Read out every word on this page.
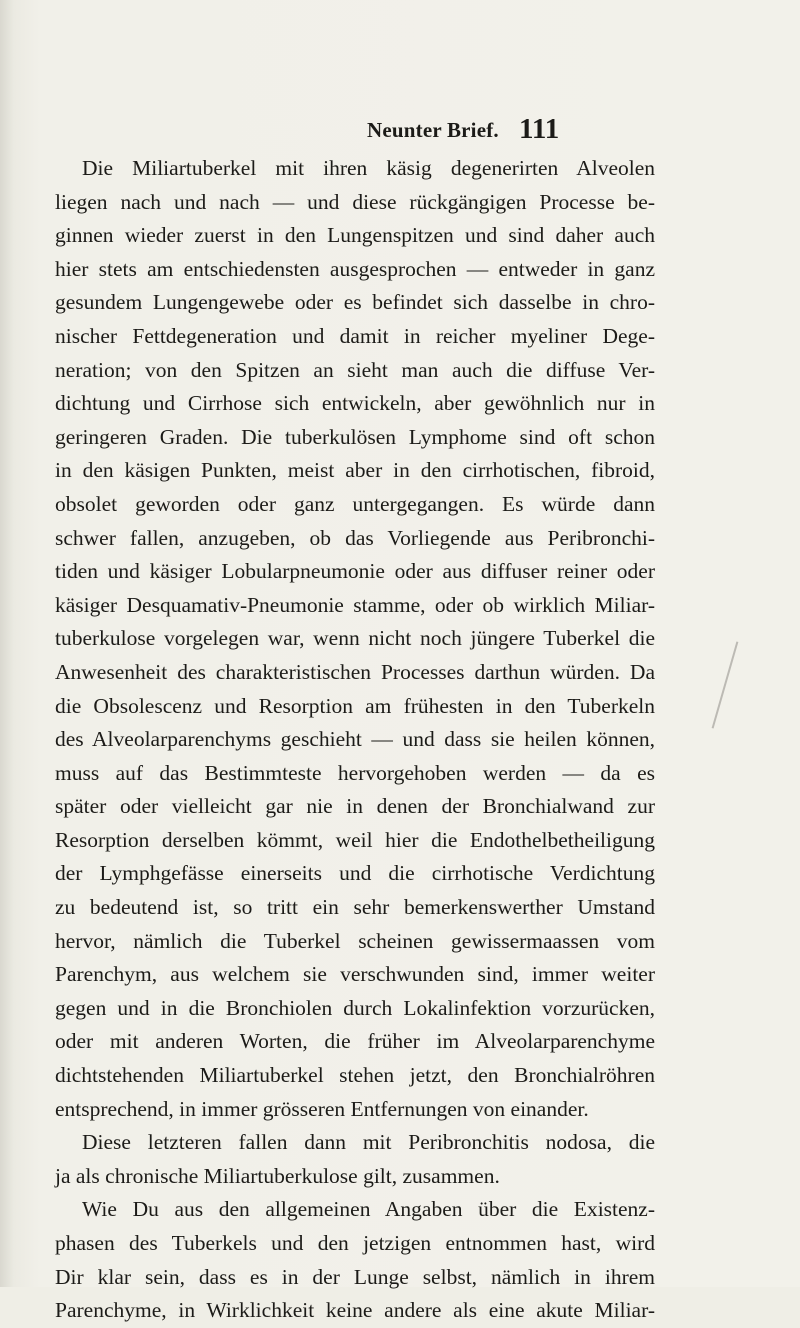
Neunter Brief. 111
Die Miliartuberkel mit ihren käsig degenerirten Alveolen
liegen nach und nach — und diese rückgängigen Processe be-
ginnen wieder zuerst in den Lungenspitzen und sind daher auch
hier stets am entschiedensten ausgesprochen — entweder in ganz
gesundem Lungengewebe oder es befindet sich dasselbe in chro-
nischer Fettdegeneration und damit in reicher myeliner Dege-
neration; von den Spitzen an sieht man auch die diffuse Ver-
dichtung und Cirrhose sich entwickeln, aber gewöhnlich nur in
geringeren Graden. Die tuberkulösen Lymphome sind oft schon
in den käsigen Punkten, meist aber in den cirrhotischen, fibroid,
obsolet geworden oder ganz untergegangen. Es würde dann
schwer fallen, anzugeben, ob das Vorliegende aus Peribronchi-
tiden und käsiger Lobularpneumonie oder aus diffuser reiner oder
käsiger Desquamativ-Pneumonie stamme, oder ob wirklich Miliar-
tuberkulose vorgelegen war, wenn nicht noch jüngere Tuberkel die
Anwesenheit des charakteristischen Processes darthun würden. Da
die Obsolescenz und Resorption am frühesten in den Tuberkeln
des Alveolarparenchyms geschieht — und dass sie heilen können,
muss auf das Bestimmteste hervorgehoben werden — da es
später oder vielleicht gar nie in denen der Bronchialwand zur
Resorption derselben kömmt, weil hier die Endothelbetheiligung
der Lymphgefässe einerseits und die cirrhotische Verdichtung
zu bedeutend ist, so tritt ein sehr bemerkenswerther Umstand
hervor, nämlich die Tuberkel scheinen gewissermaassen vom
Parenchym, aus welchem sie verschwunden sind, immer weiter
gegen und in die Bronchiolen durch Lokalinfektion vorzurücken,
oder mit anderen Worten, die früher im Alveolarparenchyme
dichtstehenden Miliartuberkel stehen jetzt, den Bronchialröhren
entsprechend, in immer grösseren Entfernungen von einander.
Diese letzteren fallen dann mit Peribronchitis nodosa, die
ja als chronische Miliartuberkulose gilt, zusammen.
Wie Du aus den allgemeinen Angaben über die Existenz-
phasen des Tuberkels und den jetzigen entnommen hast, wird
Dir klar sein, dass es in der Lunge selbst, nämlich in ihrem
Parenchyme, in Wirklichkeit keine andere als eine akute Miliar-
